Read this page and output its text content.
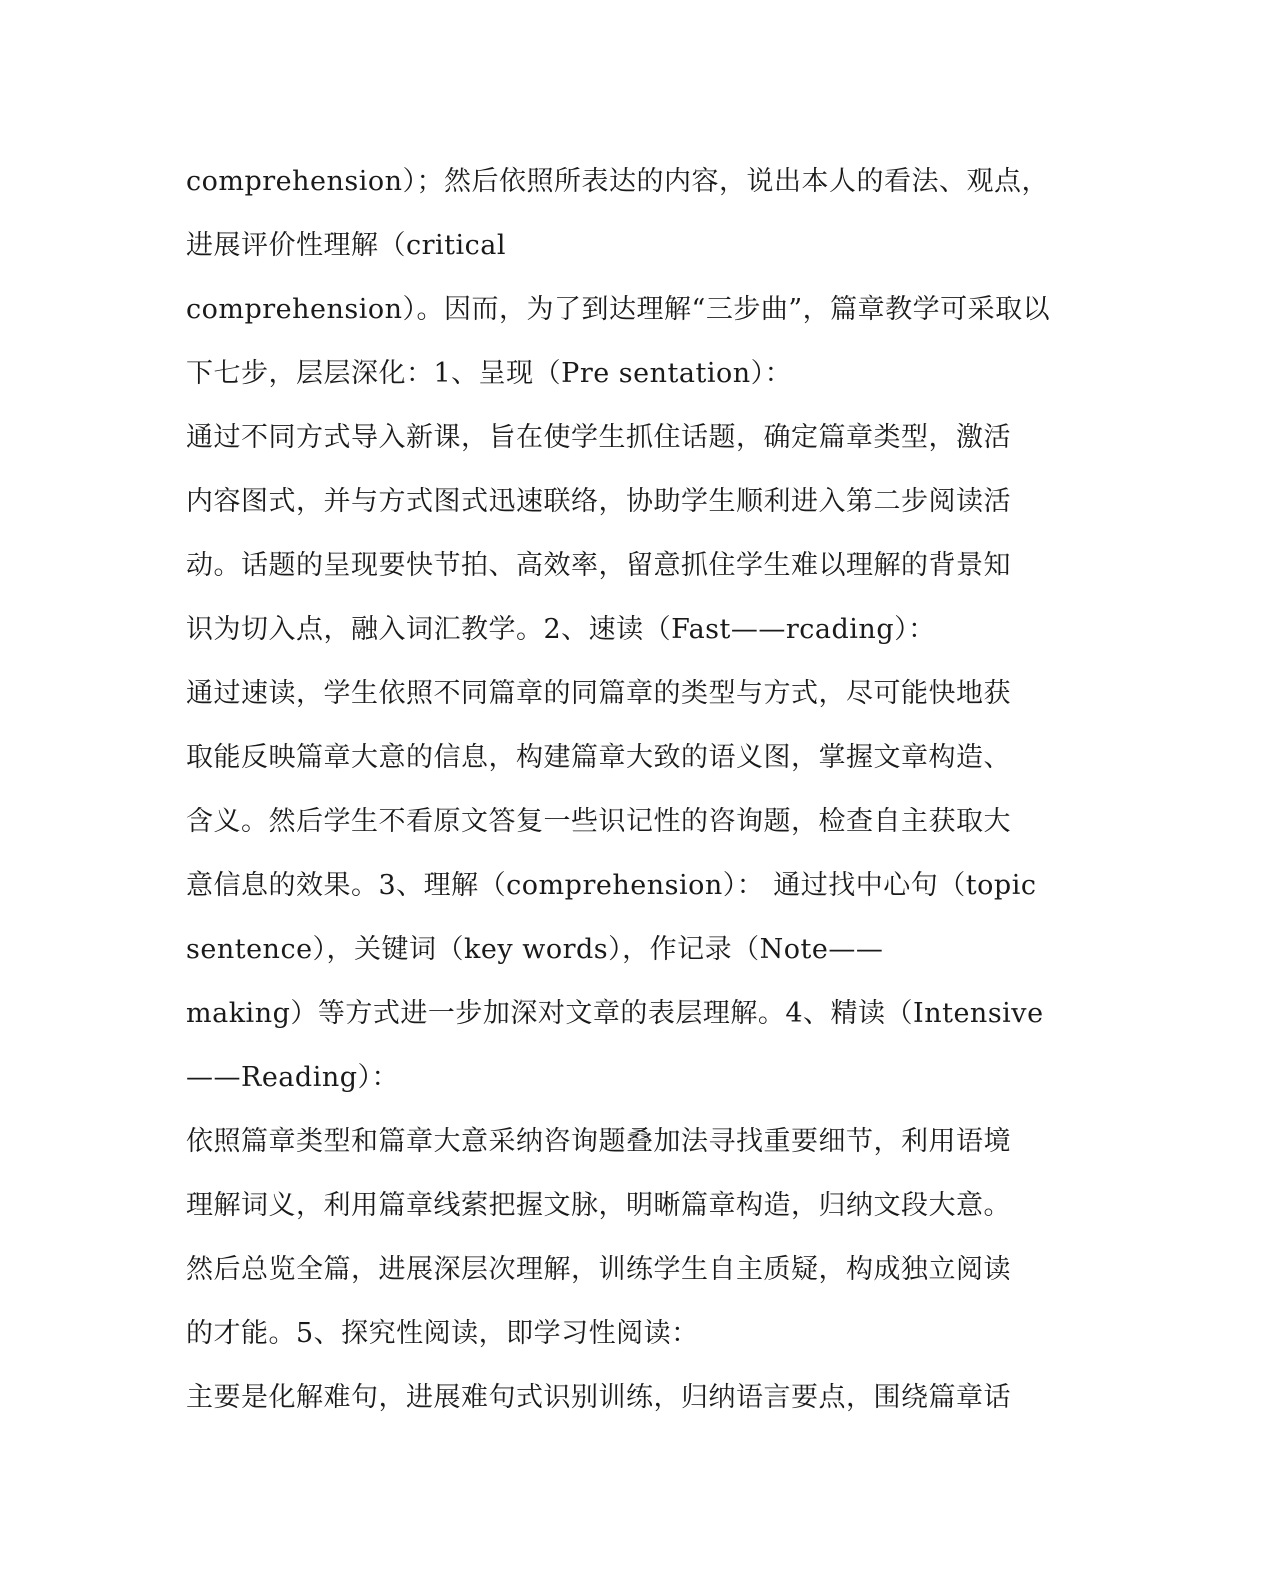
comprehension）；然后依照所表达的内容，说出本人的看法、观点，
进展评价性理解（critical
comprehension）。因而，为了到达理解“三步曲”，篇章教学可采取以
下七步，层层深化：1、呈现（Pre sentation）：
通过不同方式导入新课，旨在使学生抓住话题，确定篇章类型，激活
内容图式，并与方式图式迅速联络，协助学生顺利进入第二步阅读活
动。话题的呈现要快节拍、高效率，留意抓住学生难以理解的背景知
识为切入点，融入词汇教学。2、速读（Fast——rcading）：
通过速读，学生依照不同篇章的同篇章的类型与方式，尽可能快地获
取能反映篇章大意的信息，构建篇章大致的语义图，掌握文章构造、
含义。然后学生不看原文答复一些识记性的咨询题，检查自主获取大
意信息的效果。3、理解（comprehension）： 通过找中心句（topic
sentence），关键词（key words），作记录（Note——
making）等方式进一步加深对文章的表层理解。4、精读（Intensive
——Reading）：
依照篇章类型和篇章大意采纳咨询题叠加法寻找重要细节，利用语境
理解词义，利用篇章线萦把握文脉，明晰篇章构造，归纳文段大意。
然后总览全篇，进展深层次理解，训练学生自主质疑，构成独立阅读
的才能。5、探究性阅读，即学习性阅读：
主要是化解难句，进展难句式识别训练，归纳语言要点，围绕篇章话
